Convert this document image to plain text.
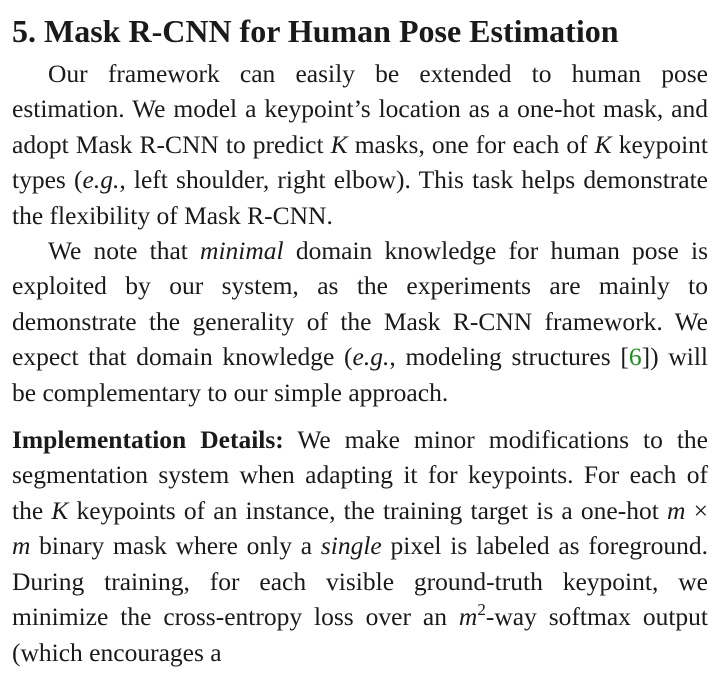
5. Mask R-CNN for Human Pose Estimation

Our framework can easily be extended to human pose estimation. We model a keypoint’s location as a one-hot mask, and adopt Mask R-CNN to predict K masks, one for each of K keypoint types (e.g., left shoulder, right elbow). This task helps demonstrate the flexibility of Mask R-CNN.

We note that minimal domain knowledge for human pose is exploited by our system, as the experiments are mainly to demonstrate the generality of the Mask R-CNN framework. We expect that domain knowledge (e.g., modeling structures [6]) will be complementary to our simple approach.

Implementation Details: We make minor modifications to the segmentation system when adapting it for keypoints. For each of the K keypoints of an instance, the training target is a one-hot m × m binary mask where only a single pixel is labeled as foreground. During training, for each visible ground-truth keypoint, we minimize the cross-entropy loss over an $m^2$-way softmax output (which encourages a
